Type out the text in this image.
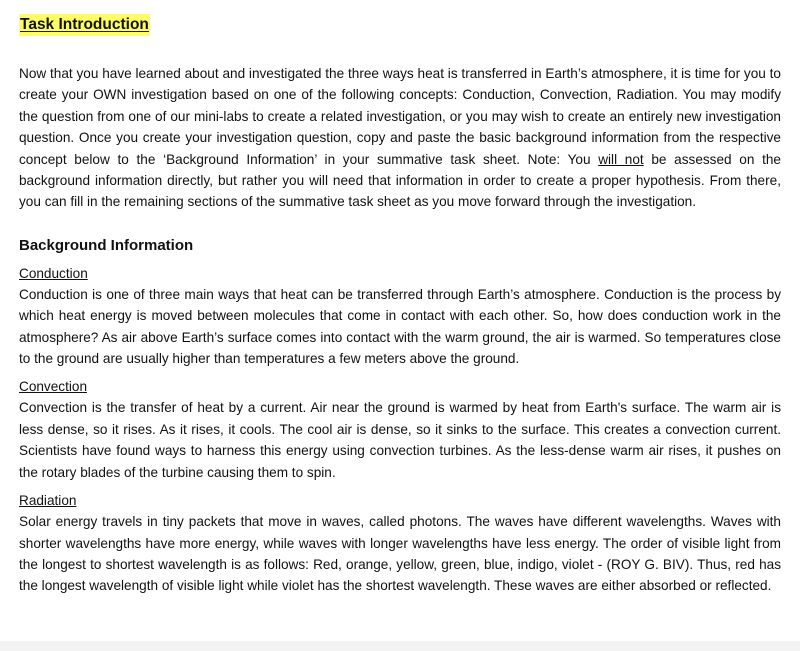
Task Introduction

Now that you have learned about and investigated the three ways heat is transferred in Earth’s atmosphere, it is time for you to create your OWN investigation based on one of the following concepts: Conduction, Convection, Radiation. You may modify the question from one of our mini-labs to create a related investigation, or you may wish to create an entirely new investigation question. Once you create your investigation question, copy and paste the basic background information from the respective concept below to the ‘Background Information’ in your summative task sheet. Note: You will not be assessed on the background information directly, but rather you will need that information in order to create a proper hypothesis. From there, you can fill in the remaining sections of the summative task sheet as you move forward through the investigation.

Background Information
Conduction

Conduction is one of three main ways that heat can be transferred through Earth’s atmosphere. Conduction is the process by which heat energy is moved between molecules that come in contact with each other. So, how does conduction work in the atmosphere? As air above Earth’s surface comes into contact with the warm ground, the air is warmed. So temperatures close to the ground are usually higher than temperatures a few meters above the ground.

Convection

Convection is the transfer of heat by a current. Air near the ground is warmed by heat from Earth's surface. The warm air is less dense, so it rises. As it rises, it cools. The cool air is dense, so it sinks to the surface. This creates a convection current. Scientists have found ways to harness this energy using convection turbines. As the less-dense warm air rises, it pushes on the rotary blades of the turbine causing them to spin.

Radiation

Solar energy travels in tiny packets that move in waves, called photons. The waves have different wavelengths. Waves with shorter wavelengths have more energy, while waves with longer wavelengths have less energy. The order of visible light from the longest to shortest wavelength is as follows: Red, orange, yellow, green, blue, indigo, violet - (ROY G. BIV). Thus, red has the longest wavelength of visible light while violet has the shortest wavelength. These waves are either absorbed or reflected.
